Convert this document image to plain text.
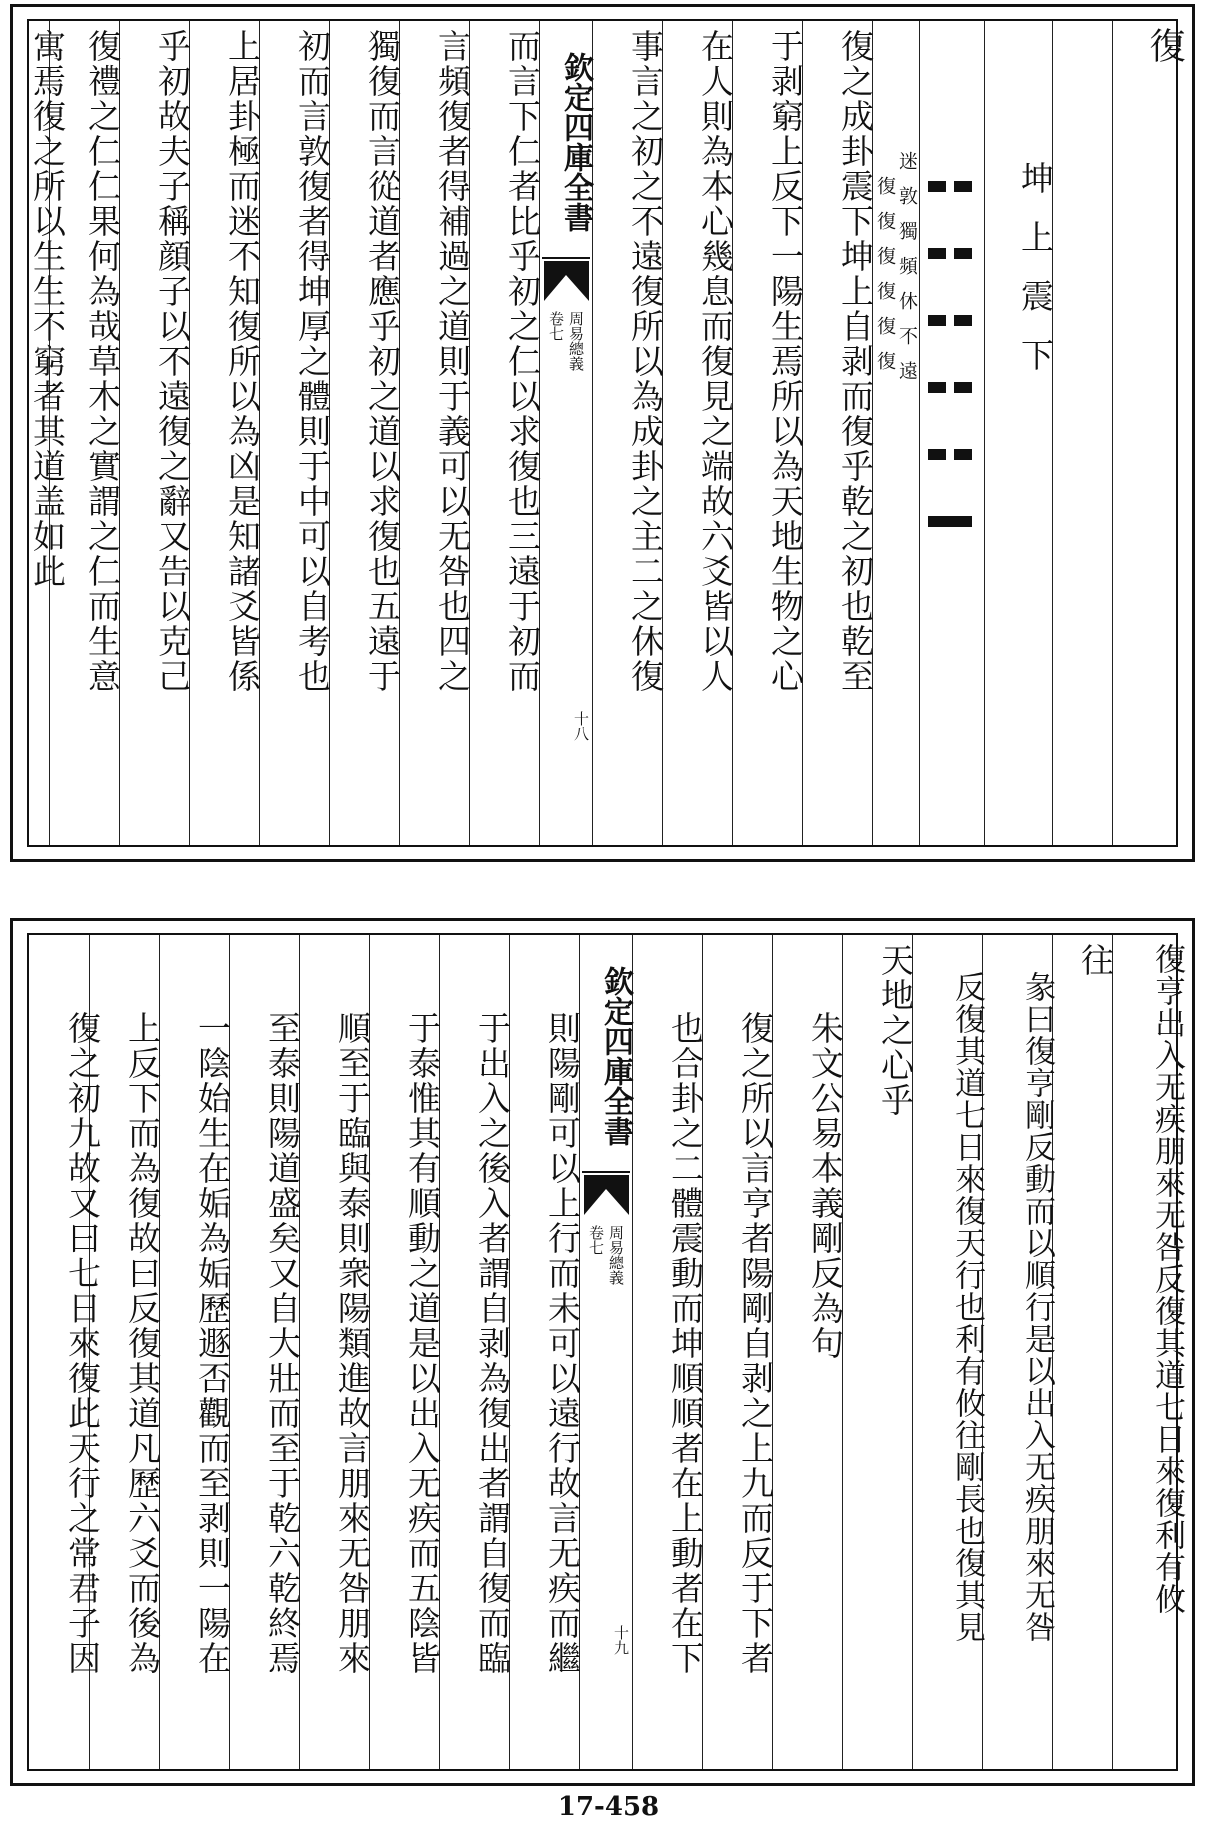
復
坤上震下
迷敦獨頻休不遠
復復復復復復
復之成卦震下坤上自剥而復乎乾之初也乾至
于剥窮上反下一陽生焉所以為天地生物之心
在人則為本心幾息而復見之端故六爻皆以人
事言之初之不遠復所以為成卦之主二之休復
欽定四庫全書
卷七 周易總義
十八
而言下仁者比乎初之仁以求復也三遠于初而
言頻復者得補過之道則于義可以无咎也四之
獨復而言從道者應乎初之道以求復也五遠于
初而言敦復者得坤厚之體則于中可以自考也
上居卦極而迷不知復所以為凶是知諸爻皆係
乎初故夫子稱顔子以不遠復之辭又告以克己
復禮之仁仁果何為哉草木之實謂之仁而生意
寓焉復之所以生生不窮者其道盖如此
復亨出入无疾朋來无咎反復其道七日來復利有攸
往
彖曰復亨剛反動而以順行是以出入无疾朋來无咎
反復其道七日來復天行也利有攸往剛長也復其見
天地之心乎
朱文公易本義剛反為句
復之所以言亨者陽剛自剥之上九而反于下者
也合卦之二體震動而坤順順者在上動者在下
欽定四庫全書
卷七 周易總義
十九
則陽剛可以上行而未可以遠行故言无疾而繼
于出入之後入者謂自剥為復出者謂自復而臨
于泰惟其有順動之道是以出入无疾而五陰皆
順至于臨與泰則衆陽類進故言朋來无咎朋來
至泰則陽道盛矣又自大壯而至于乾六乾終焉
一陰始生在姤為姤歷遯否觀而至剥則一陽在
上反下而為復故曰反復其道凡歷六爻而後為
復之初九故又曰七日來復此天行之常君子因
17-458
